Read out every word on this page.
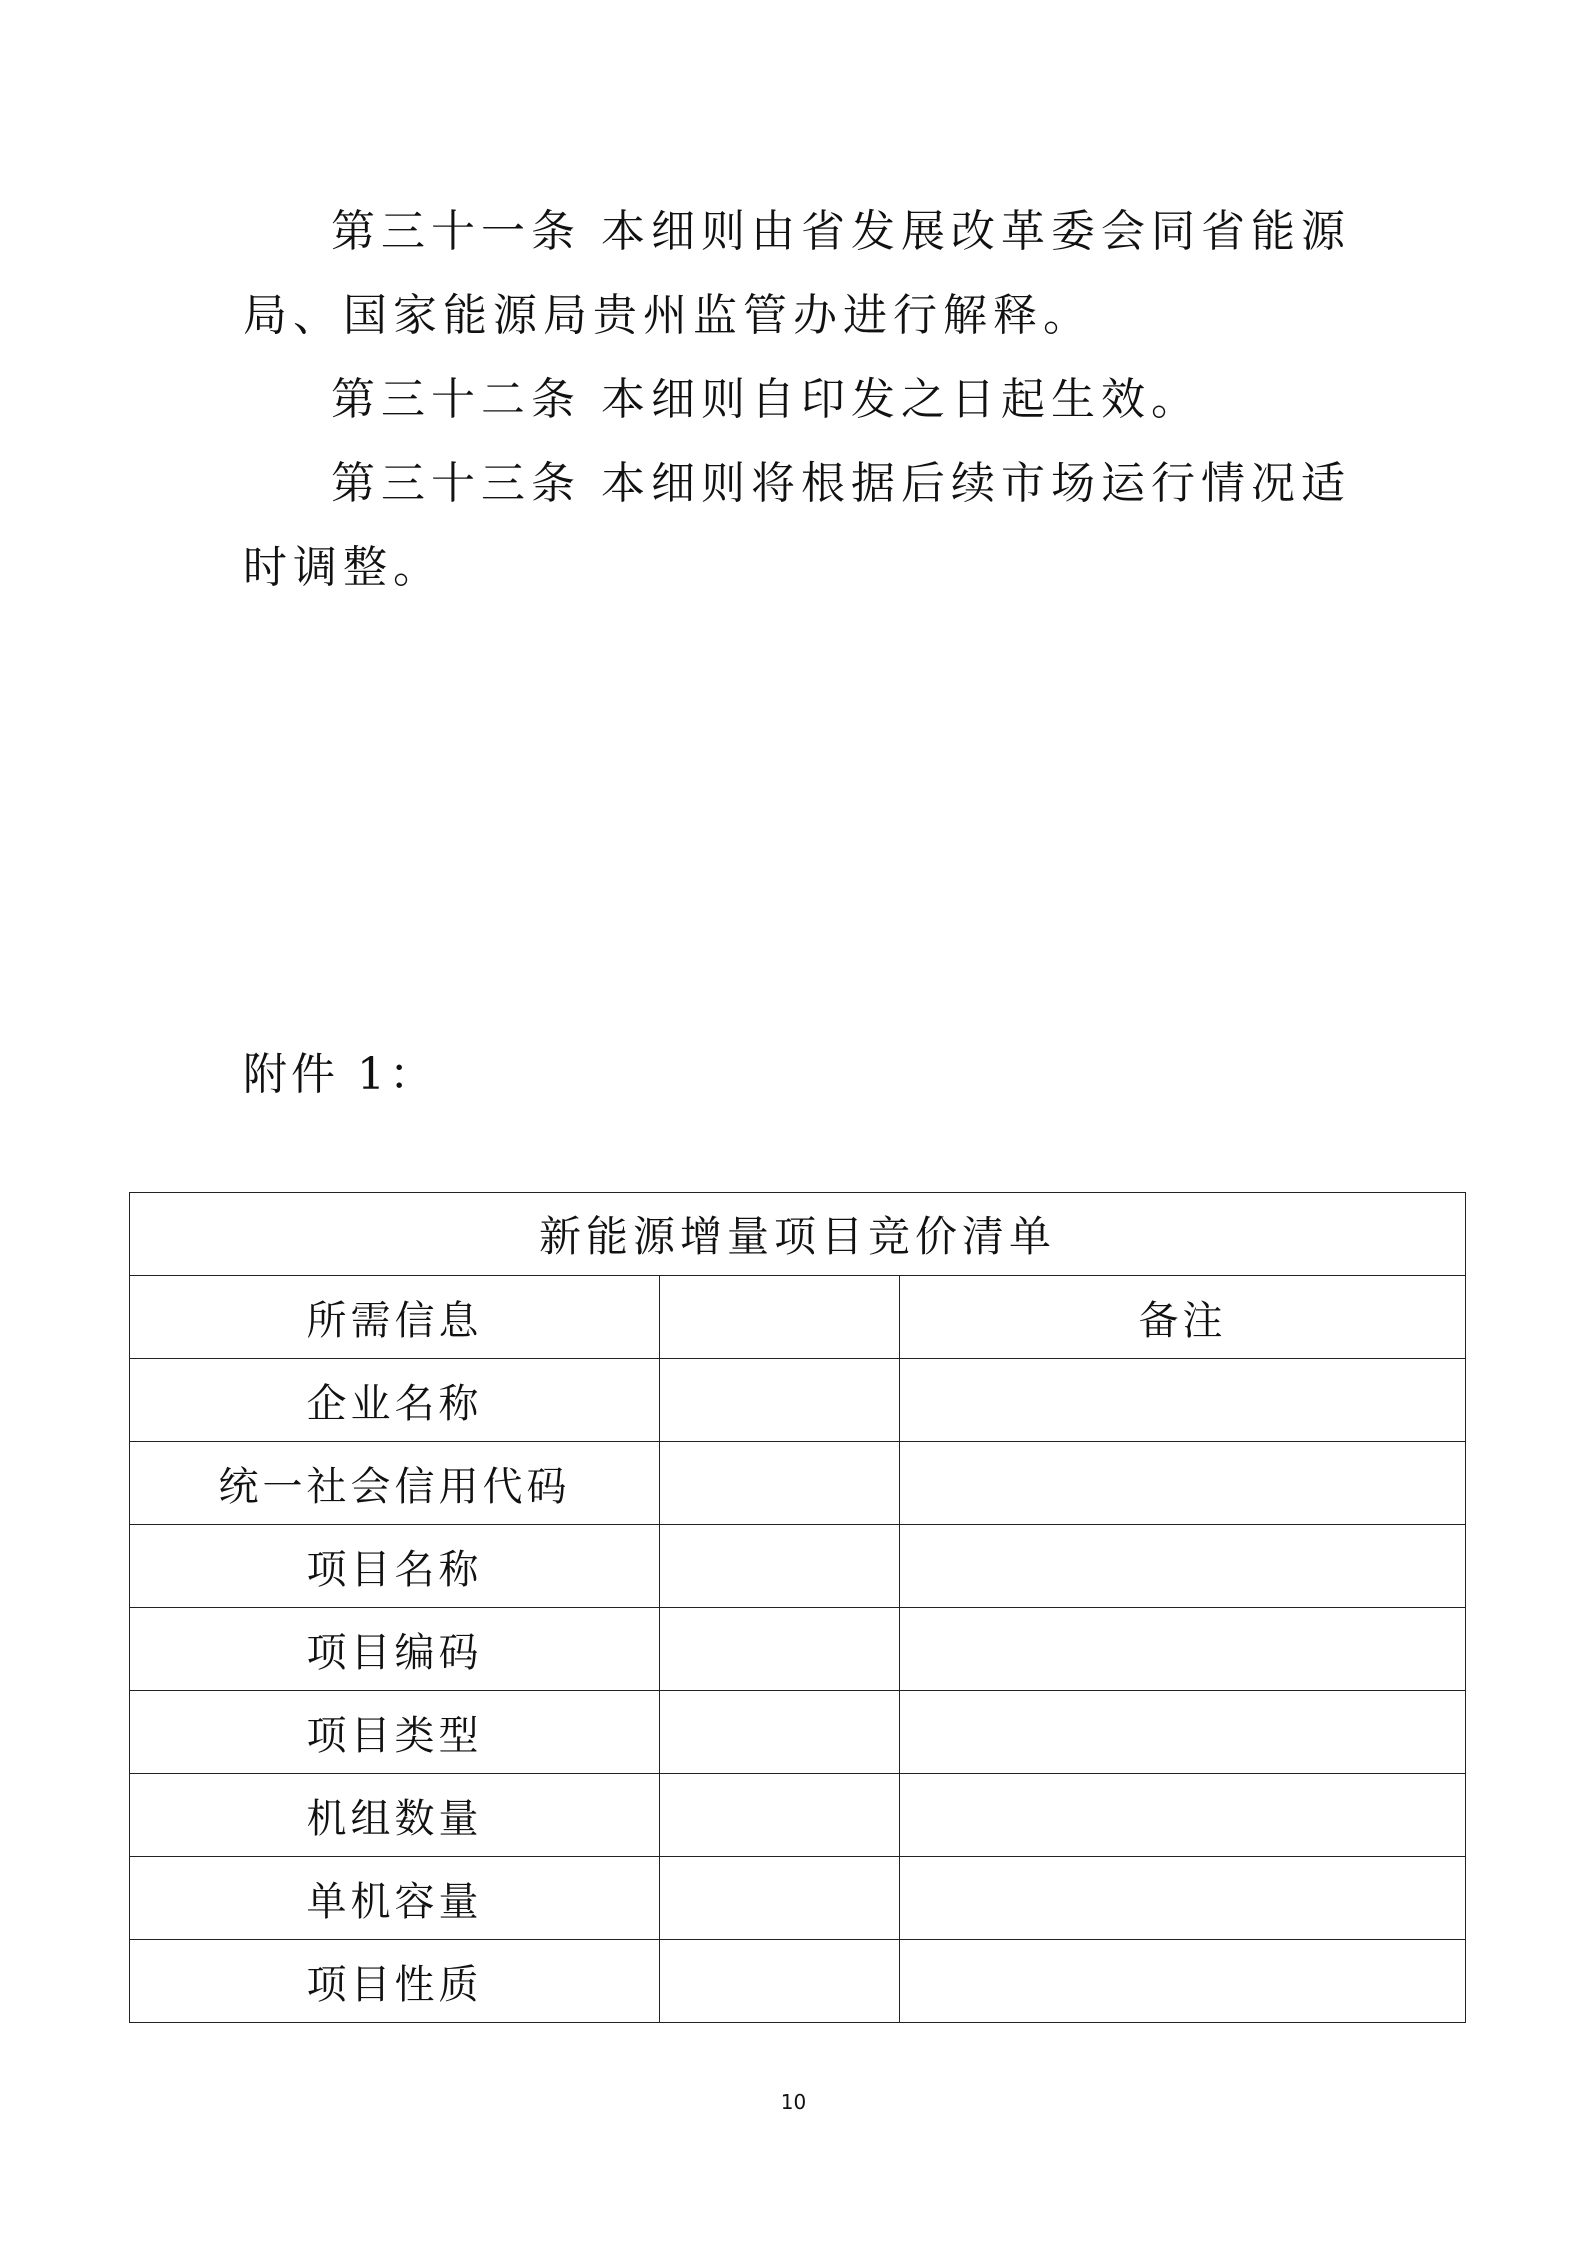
第三十一条 本细则由省发展改革委会同省能源局、国家能源局贵州监管办进行解释。

第三十二条 本细则自印发之日起生效。

第三十三条 本细则将根据后续市场运行情况适时调整。

附件 1：
新能源增量项目竞价清单		
所需信息		备注
企业名称		
统一社会信用代码		
项目名称		
项目编码		
项目类型		
机组数量		
单机容量		
项目性质		
10
